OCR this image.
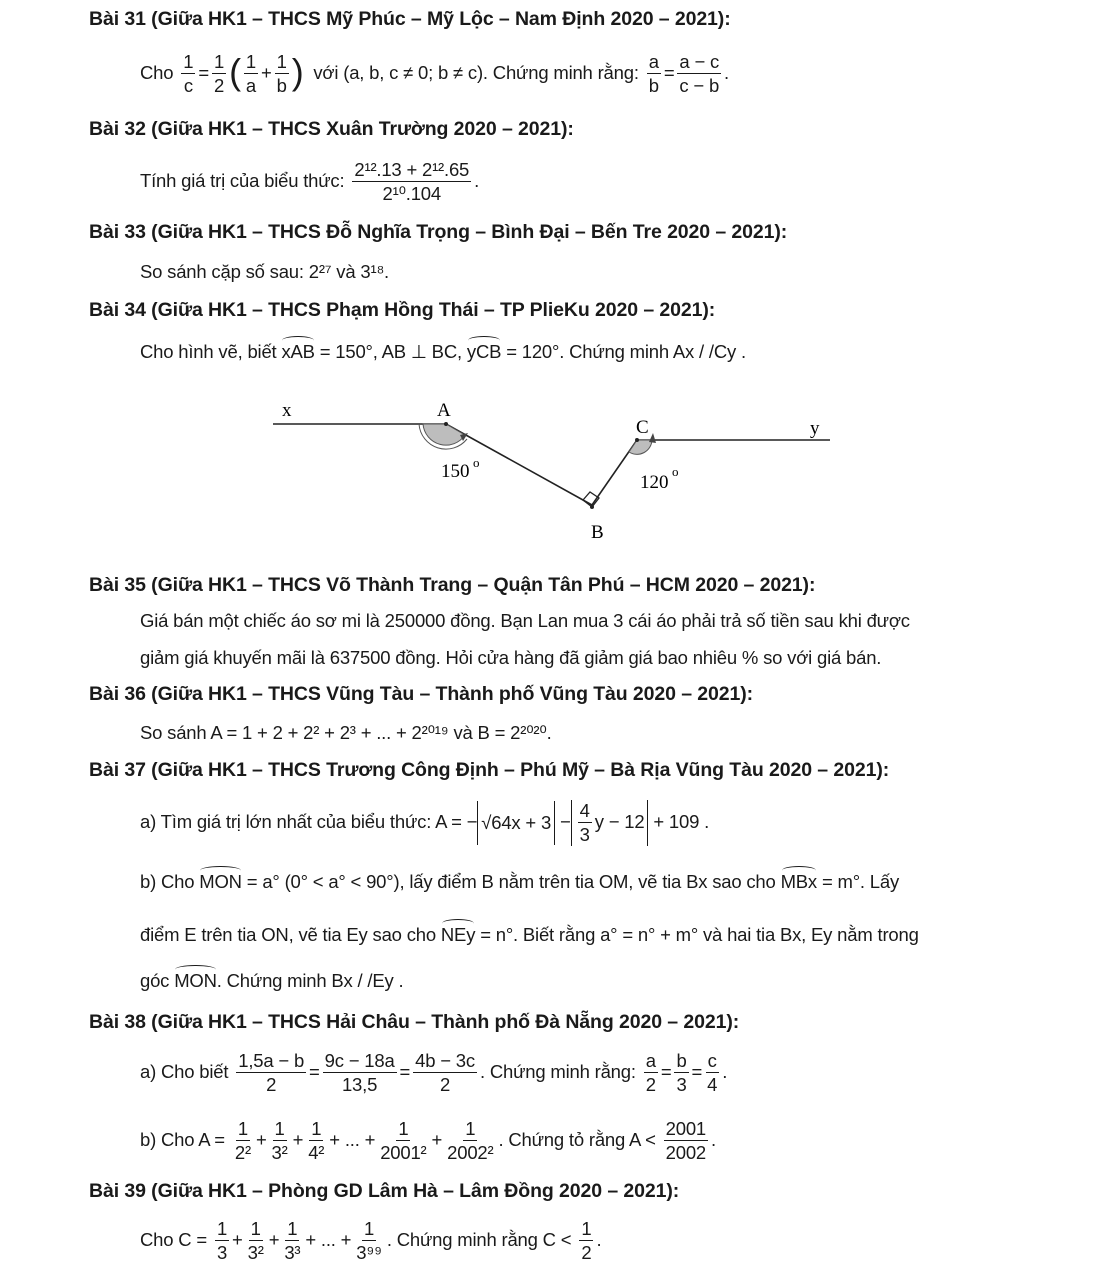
Bài 31 (Giữa HK1 – THCS Mỹ Phúc – Mỹ Lộc – Nam Định 2020 – 2021):
Cho $\frac{1}{c} = \frac{1}{2}$ ( $\frac{1}{a} + \frac{1}{b}$ ) với (a, b, c ≠ 0; b ≠ c). Chứng minh rằng: $\frac{a}{b} = \frac{a - c}{c - b}$ .
Bài 32 (Giữa HK1 – THCS Xuân Trường 2020 – 2021):
Tính giá trị của biểu thức: $\frac{\text{2¹².13 + 2¹².65}}{\text{2¹⁰.104}}$ .
Bài 33 (Giữa HK1 – THCS Đỗ Nghĩa Trọng – Bình Đại – Bến Tre 2020 – 2021):
So sánh cặp số sau: 2²⁷ và 3¹⁸.
Bài 34 (Giữa HK1 – THCS Phạm Hồng Thái – TP PlieKu 2020 – 2021):
Cho hình vẽ, biết xAB = 150°, AB ⊥ BC, yCB = 120°. Chứng minh Ax / /Cy .
x	A
C	y
B
150 o
120
o
Bài 35 (Giữa HK1 – THCS Võ Thành Trang – Quận Tân Phú – HCM 2020 – 2021):
Giá bán một chiếc áo sơ mi là 250000 đồng. Bạn Lan mua 3 cái áo phải trả số tiền sau khi được
giảm giá khuyến mãi là 637500 đồng. Hỏi cửa hàng đã giảm giá bao nhiêu % so với giá bán.
Bài 36 (Giữa HK1 – THCS Vũng Tàu – Thành phố Vũng Tàu 2020 – 2021):
So sánh A = 1 + 2 + 2² + 2³ + ... + 2²⁰¹⁹ và B = 2²⁰²⁰.
Bài 37 (Giữa HK1 – THCS Trương Công Định – Phú Mỹ – Bà Rịa Vũng Tàu 2020 – 2021):
a) Tìm giá trị lớn nhất của biểu thức: A = − $√64x + 3 - \frac{4}{3}$ y − 12 + 109 .
b) Cho MON = a° (0° < a° < 90°), lấy điểm B nằm trên tia OM, vẽ tia Bx sao cho MBx = m°. Lấy
điểm E trên tia ON, vẽ tia Ey sao cho NEy = n°. Biết rằng a° = n° + m° và hai tia Bx, Ey nằm trong
góc MON. Chứng minh Bx / /Ey .
Bài 38 (Giữa HK1 – THCS Hải Châu – Thành phố Đà Nẵng 2020 – 2021):
a) Cho biết $\frac{1,5a - b}{2} = \frac{9c - 18a}{13,5} = \frac{4b - 3c}{2}$ . Chứng minh rằng: $\frac{a}{2} = \frac{b}{3} = \frac{c}{4}$ .
b) Cho $A = \frac{1}{\text{2²}} + \frac{1}{\text{3²}} + \frac{1}{\text{4²}}$ + ... + $\frac{1}{\text{2001²}} + \frac{1}{\text{2002²}}$ . Chứng tỏ rằng $A < \frac{2001}{2002}$ .
Bài 39 (Giữa HK1 – Phòng GD Lâm Hà – Lâm Đồng 2020 – 2021):
Cho $C = \frac{1}{3} + \frac{1}{\text{3²}} + \frac{1}{\text{3³}}$ + ... + $\frac{1}{\text{3⁹⁹}}$ . Chứng minh rằng $C < \frac{1}{2}$ .
